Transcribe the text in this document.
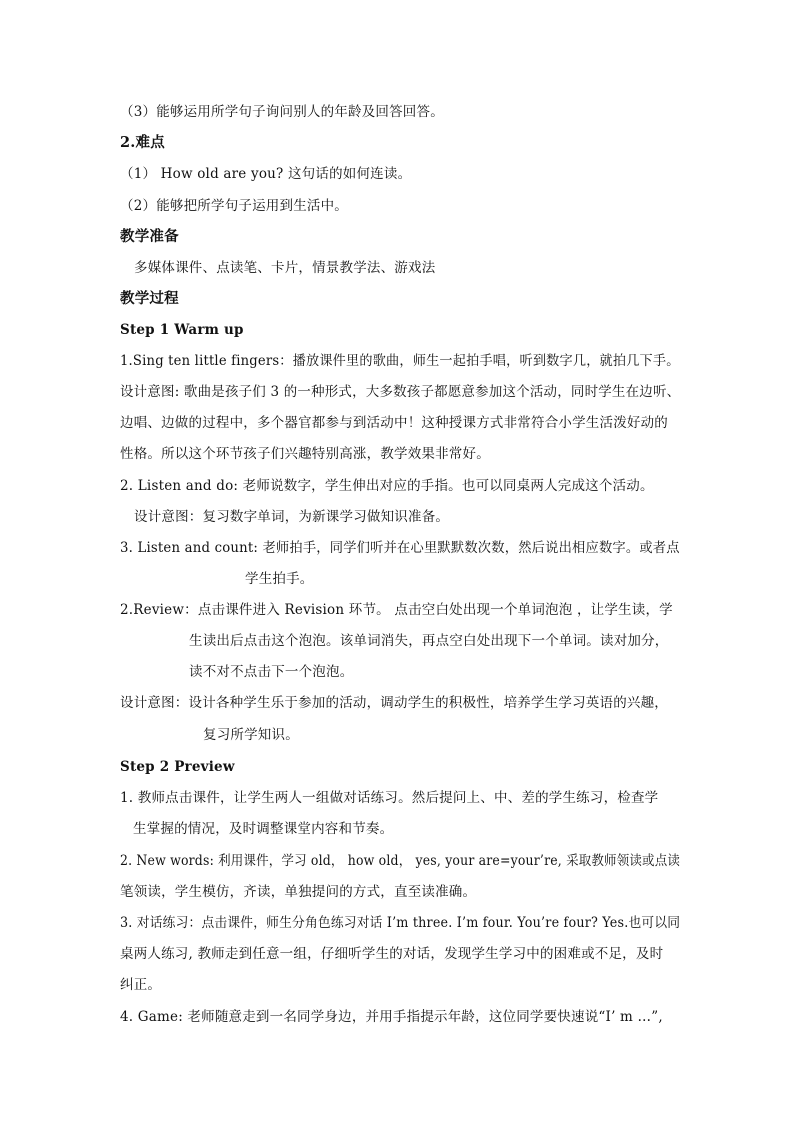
（3）能够运用所学句子询问别人的年龄及回答回答。
2.难点
（1） How old are you? 这句话的如何连读。
（2）能够把所学句子运用到生活中。
教学准备
多媒体课件、点读笔、卡片，情景教学法、游戏法
教学过程
Step 1 Warm up
1.Sing ten little fingers：播放课件里的歌曲，师生一起拍手唱，听到数字几，就拍几下手。
设计意图: 歌曲是孩子们 3 的一种形式，大多数孩子都愿意参加这个活动，同时学生在边听、
边唱、边做的过程中，多个器官都参与到活动中！这种授课方式非常符合小学生活泼好动的
性格。所以这个环节孩子们兴趣特别高涨，教学效果非常好。
2. Listen and do: 老师说数字，学生伸出对应的手指。也可以同桌两人完成这个活动。
设计意图：复习数字单词，为新课学习做知识准备。
3. Listen and count: 老师拍手，同学们听并在心里默默数次数，然后说出相应数字。或者点
学生拍手。
2.Review：点击课件进入 Revision 环节。 点击空白处出现一个单词泡泡 ，让学生读，学
生读出后点击这个泡泡。该单词消失，再点空白处出现下一个单词。读对加分，
读不对不点击下一个泡泡。
设计意图：设计各种学生乐于参加的活动，调动学生的积极性，培养学生学习英语的兴趣，
复习所学知识。
Step 2 Preview
1. 教师点击课件，让学生两人一组做对话练习。然后提问上、中、差的学生练习，检查学
生掌握的情况，及时调整课堂内容和节奏。
2. New words: 利用课件，学习 old， how old， yes, your are=your’re, 采取教师领读或点读
笔领读，学生模仿，齐读，单独提问的方式，直至读准确。
3. 对话练习：点击课件，师生分角色练习对话 I’m three. I’m four. You’re four? Yes.也可以同
桌两人练习, 教师走到任意一组，仔细听学生的对话，发现学生学习中的困难或不足，及时
纠正。
4. Game: 老师随意走到一名同学身边，并用手指提示年龄，这位同学要快速说“I’ m …”,
